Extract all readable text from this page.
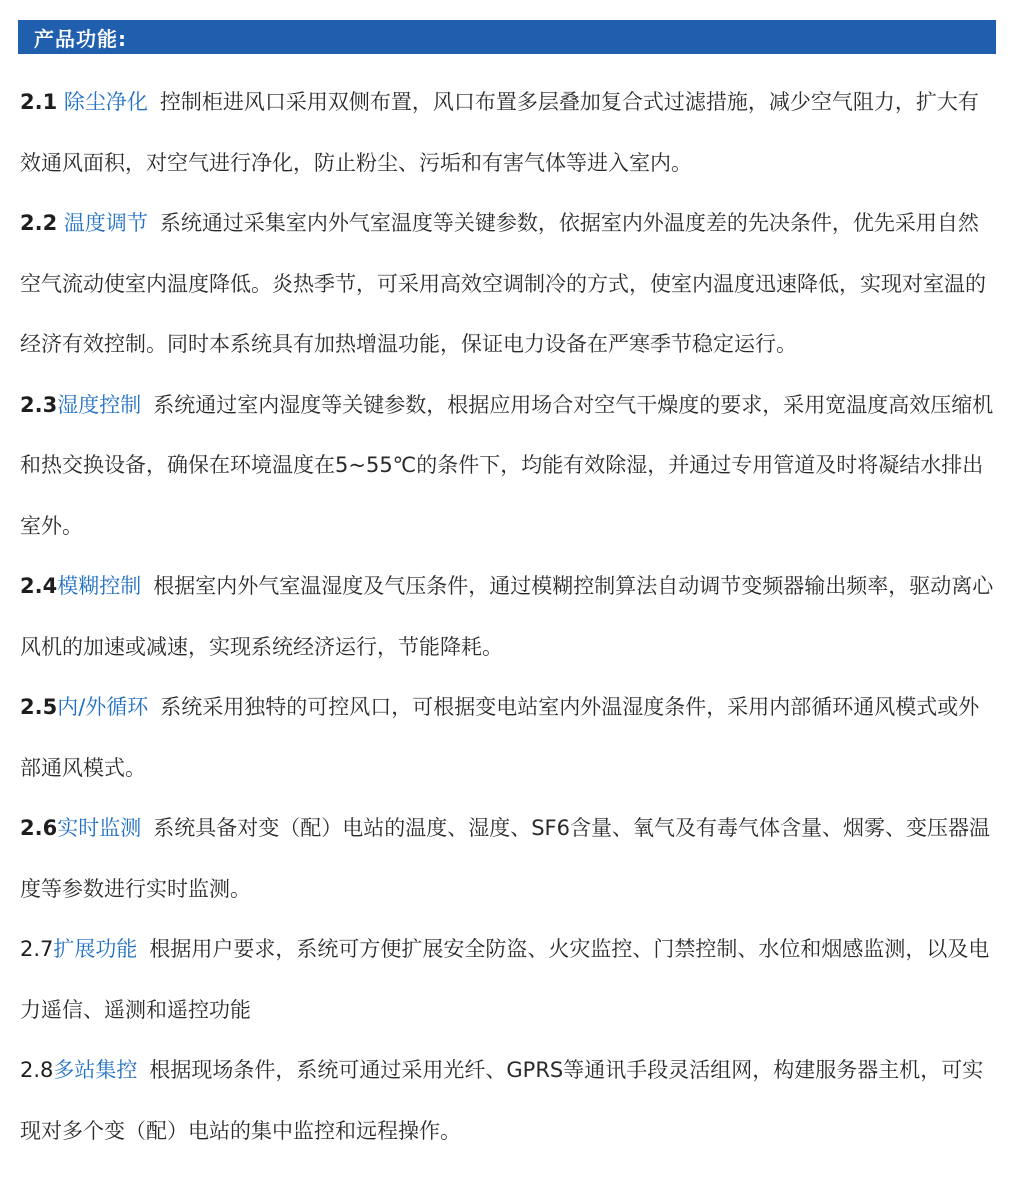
产品功能:

2.1 除尘净化 控制柜进风口采用双侧布置，风口布置多层叠加复合式过滤措施，减少空气阻力，扩大有效通风面积，对空气进行净化，防止粉尘、污垢和有害气体等进入室内。

2.2 温度调节 系统通过采集室内外气室温度等关键参数，依据室内外温度差的先决条件，优先采用自然空气流动使室内温度降低。炎热季节，可采用高效空调制冷的方式，使室内温度迅速降低，实现对室温的经济有效控制。同时本系统具有加热增温功能，保证电力设备在严寒季节稳定运行。

2.3湿度控制 系统通过室内湿度等关键参数，根据应用场合对空气干燥度的要求，采用宽温度高效压缩机和热交换设备，确保在环境温度在5~55℃的条件下，均能有效除湿，并通过专用管道及时将凝结水排出室外。

2.4模糊控制 根据室内外气室温湿度及气压条件，通过模糊控制算法自动调节变频器输出频率，驱动离心风机的加速或减速，实现系统经济运行，节能降耗。

2.5内/外循环 系统采用独特的可控风口，可根据变电站室内外温湿度条件，采用内部循环通风模式或外部通风模式。

2.6实时监测 系统具备对变（配）电站的温度、湿度、SF6含量、氧气及有毒气体含量、烟雾、变压器温度等参数进行实时监测。

2.7扩展功能 根据用户要求，系统可方便扩展安全防盗、火灾监控、门禁控制、水位和烟感监测，以及电力遥信、遥测和遥控功能

2.8多站集控 根据现场条件，系统可通过采用光纤、GPRS等通讯手段灵活组网，构建服务器主机，可实现对多个变（配）电站的集中监控和远程操作。
